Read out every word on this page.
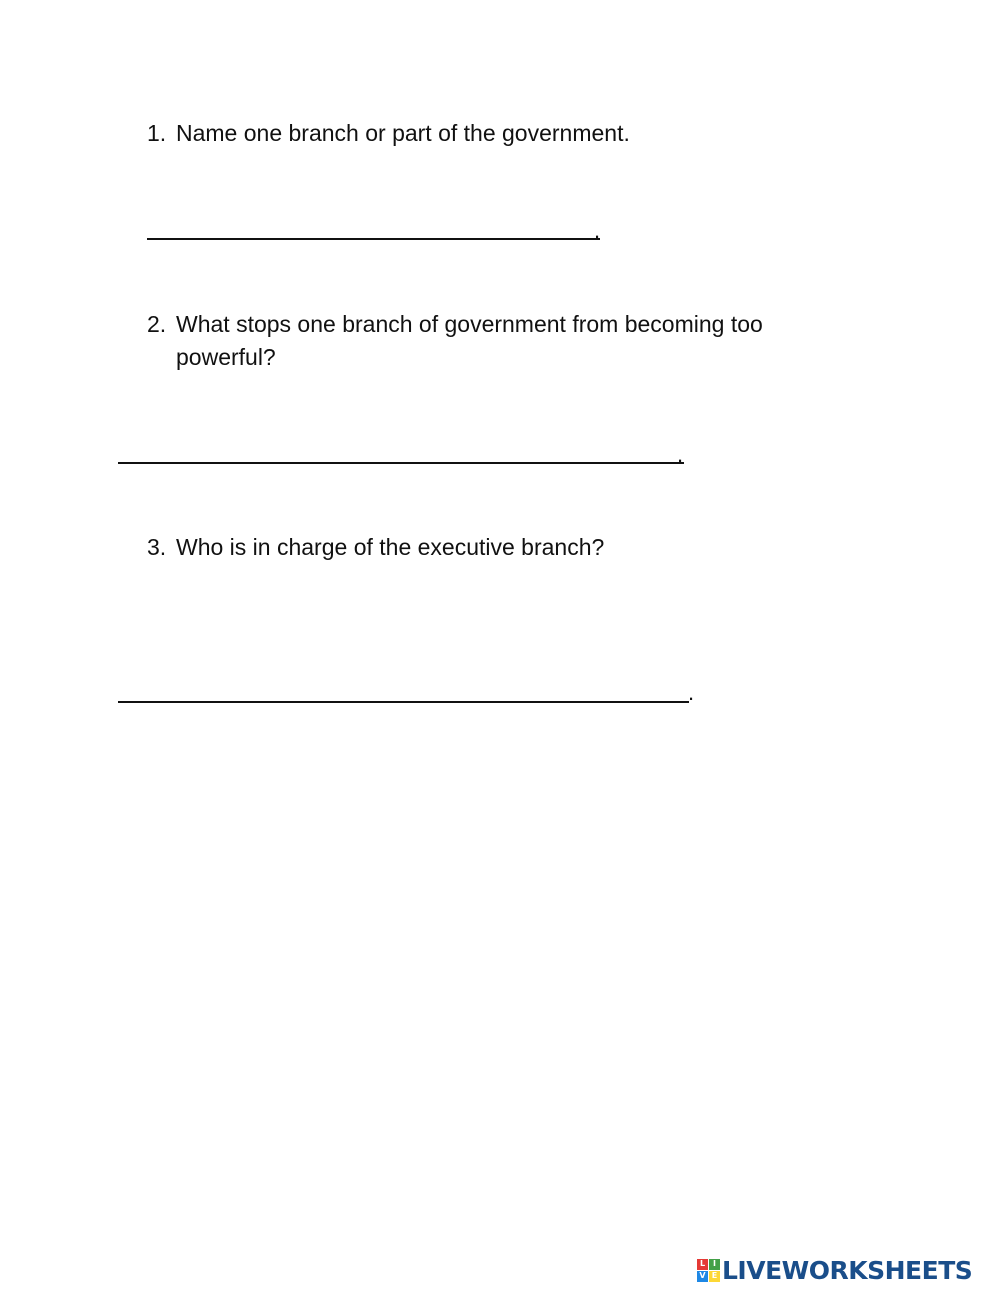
1. Name one branch or part of the government.
.
2. What stops one branch of government from becoming too powerful?
.
3. Who is in charge of the executive branch?
.
L I
V E LIVEWORKSHEETS
